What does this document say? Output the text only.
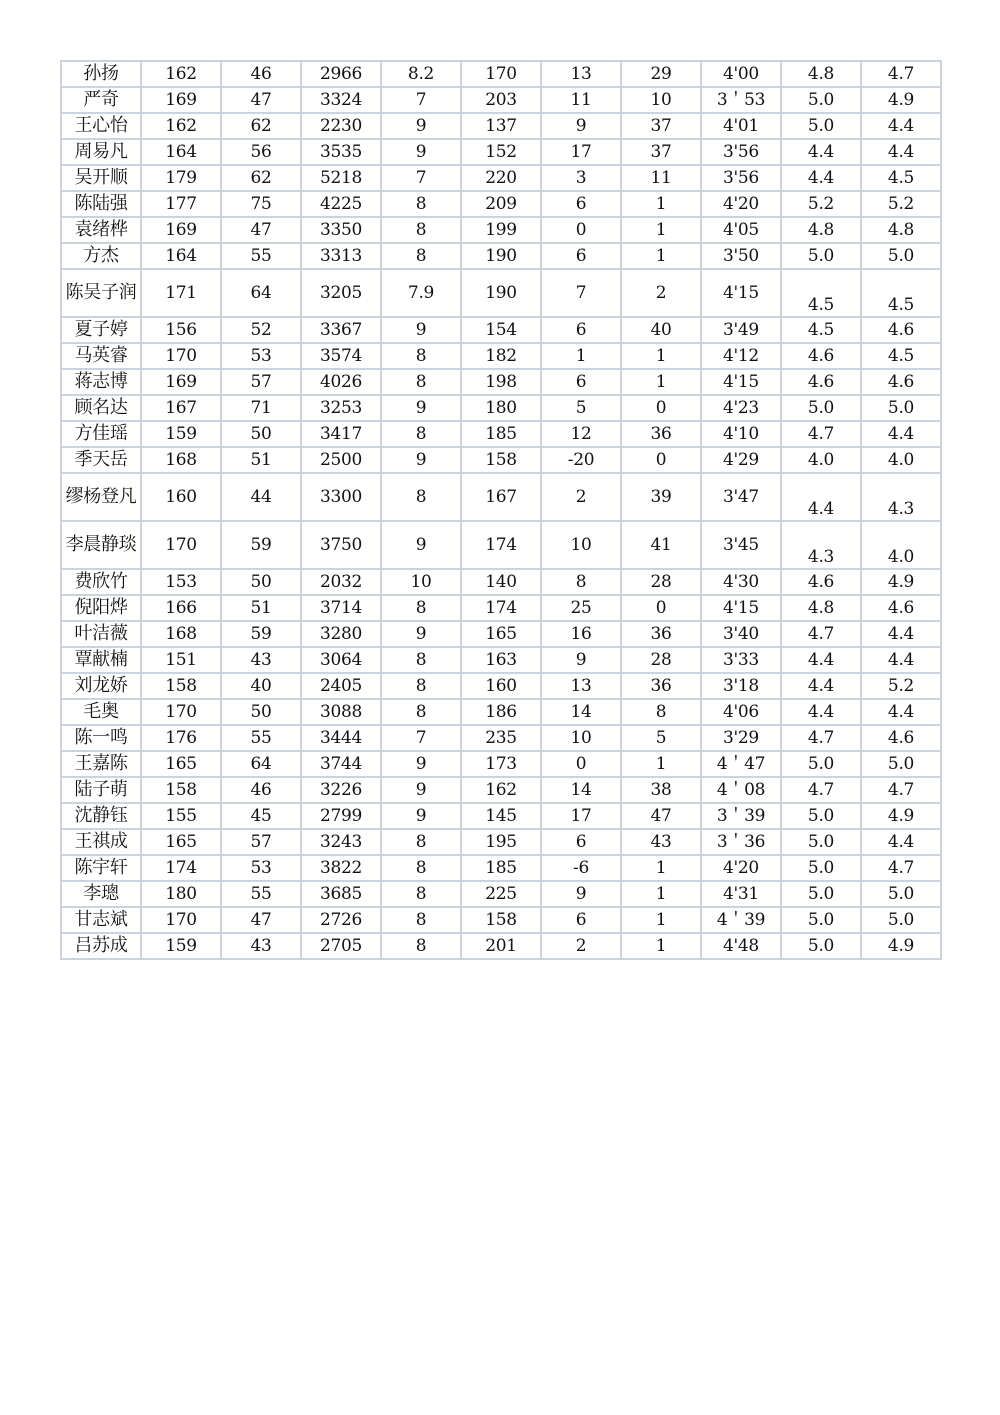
孙扬	162	46	2966	8.2	170	13	29	4'00	4.8	4.7
严奇	169	47	3324	7	203	11	10	3＇53	5.0	4.9
王心怡	162	62	2230	9	137	9	37	4'01	5.0	4.4
周易凡	164	56	3535	9	152	17	37	3'56	4.4	4.4
吴开顺	179	62	5218	7	220	3	11	3'56	4.4	4.5
陈陆强	177	75	4225	8	209	6	1	4'20	5.2	5.2
袁绪桦	169	47	3350	8	199	0	1	4'05	4.8	4.8
方杰	164	55	3313	8	190	6	1	3'50	5.0	5.0
陈吴子润	171	64	3205	7.9	190	7	2	4'15	4.5	4.5
夏子婷	156	52	3367	9	154	6	40	3'49	4.5	4.6
马英睿	170	53	3574	8	182	1	1	4'12	4.6	4.5
蒋志博	169	57	4026	8	198	6	1	4'15	4.6	4.6
顾名达	167	71	3253	9	180	5	0	4'23	5.0	5.0
方佳瑶	159	50	3417	8	185	12	36	4'10	4.7	4.4
季天岳	168	51	2500	9	158	-20	0	4'29	4.0	4.0
缪杨登凡	160	44	3300	8	167	2	39	3'47	4.4	4.3
李晨静琰	170	59	3750	9	174	10	41	3'45	4.3	4.0
费欣竹	153	50	2032	10	140	8	28	4'30	4.6	4.9
倪阳烨	166	51	3714	8	174	25	0	4'15	4.8	4.6
叶洁薇	168	59	3280	9	165	16	36	3'40	4.7	4.4
覃献楠	151	43	3064	8	163	9	28	3'33	4.4	4.4
刘龙娇	158	40	2405	8	160	13	36	3'18	4.4	5.2
毛奥	170	50	3088	8	186	14	8	4'06	4.4	4.4
陈一鸣	176	55	3444	7	235	10	5	3'29	4.7	4.6
王嘉陈	165	64	3744	9	173	0	1	4＇47	5.0	5.0
陆子萌	158	46	3226	9	162	14	38	4＇08	4.7	4.7
沈静钰	155	45	2799	9	145	17	47	3＇39	5.0	4.9
王祺成	165	57	3243	8	195	6	43	3＇36	5.0	4.4
陈宇轩	174	53	3822	8	185	-6	1	4'20	5.0	4.7
李璁	180	55	3685	8	225	9	1	4'31	5.0	5.0
甘志斌	170	47	2726	8	158	6	1	4＇39	5.0	5.0
吕苏成	159	43	2705	8	201	2	1	4'48	5.0	4.9
